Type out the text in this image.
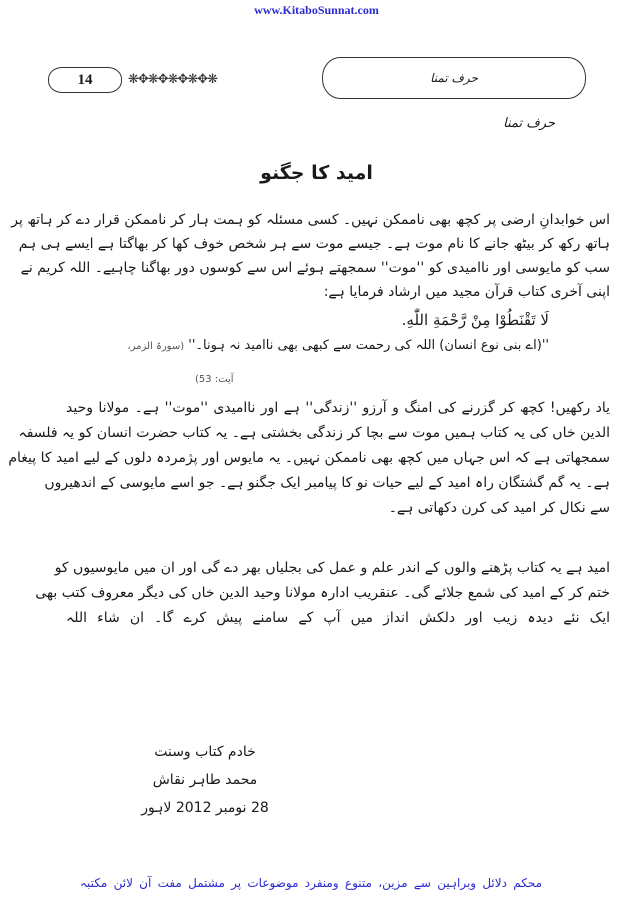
www.KitaboSunnat.com
14	❋✥❋✥❋✥❋✥❋	حرف تمنا
حرف تمنا
امید کا جگنو
اس خوابدانِ ارضی پر کچھ بھی ناممکن نہیں۔ کسی مسئلہ کو ہمت ہار کر ناممکن قرار دے کر ہاتھ پر
ہاتھ رکھ کر بیٹھ جانے کا نام موت ہے۔ جیسے موت سے ہر شخص خوف کھا کر بھاگتا ہے ایسے ہی ہم
سب کو مایوسی اور ناامیدی کو ''موت'' سمجھتے ہوئے اس سے کوسوں دور بھاگنا چاہیے۔ اللہ کریم نے
اپنی آخری کتاب قرآن مجید میں ارشاد فرمایا ہے:
لَا تَقْنَطُوْا مِنْ رَّحْمَةِ اللّٰهِ.
''(اے بنی نوع انسان) اللہ کی رحمت سے کبھی بھی ناامید نہ ہونا۔'' (سورۃ الزمر،
آیت: 53)
یاد رکھیں! کچھ کر گزرنے کی امنگ و آرزو ''زندگی'' ہے اور ناامیدی ''موت'' ہے۔ مولانا وحید
الدین خاں کی یہ کتاب ہمیں موت سے بچا کر زندگی بخشتی ہے۔ یہ کتاب حضرت انسان کو یہ فلسفہ
سمجھاتی ہے کہ اس جہاں میں کچھ بھی ناممکن نہیں۔ یہ مایوس اور پژمردہ دلوں کے لیے امید کا پیغام
ہے۔ یہ گم گشتگان راہ امید کے لیے حیات نو کا پیامبر ایک جگنو ہے۔ جو اسے مایوسی کے اندھیروں
سے نکال کر امید کی کرن دکھاتی ہے۔
امید ہے یہ کتاب پڑھنے والوں کے اندر علم و عمل کی بجلیاں بھر دے گی اور ان میں مایوسیوں کو
ختم کر کے امید کی شمع جلائے گی۔ عنقریب ادارہ مولانا وحید الدین خاں کی دیگر معروف کتب بھی
ایک نئے دیدہ زیب اور دلکش انداز میں آپ کے سامنے پیش کرے گا۔ ان شاء اللہ
خادم کتاب وسنت
محمد طاہر نقاش
28 نومبر 2012 لاہور
محکم دلائل وبراہین سے مزین، متنوع ومنفرد موضوعات پر مشتمل مفت آن لائن مکتبہ
